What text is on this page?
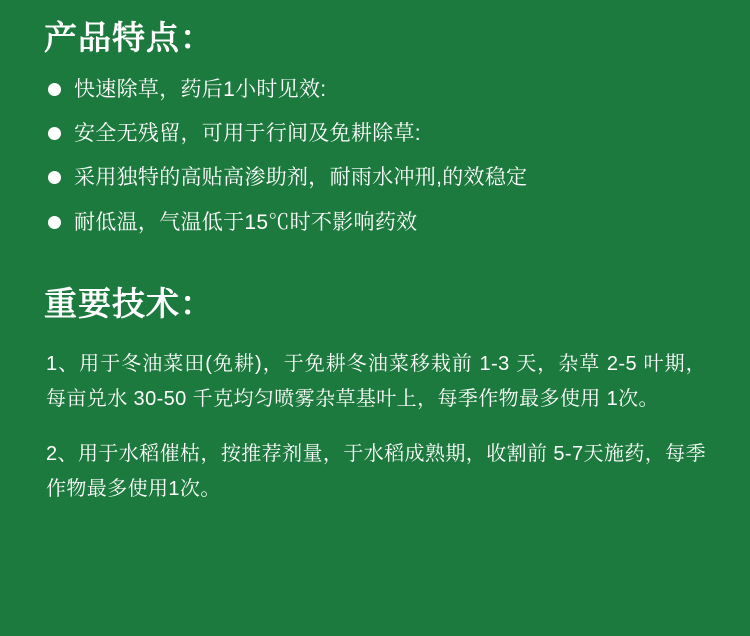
产品特点：
快速除草，药后1小时见效:
安全无残留，可用于行间及免耕除草:
采用独特的高贴高渗助剂，耐雨水冲刑,的效稳定
耐低温，气温低于15℃时不影响药效
重要技术：

1、用于冬油菜田(免耕)，于免耕冬油菜移栽前 1-3 天，杂草 2-5 叶期，每亩兑水 30-50 千克均匀喷雾杂草基叶上，每季作物最多使用 1次。

2、用于水稻催枯，按推荐剂量，于水稻成熟期，收割前 5-7天施药，每季作物最多使用1次。
